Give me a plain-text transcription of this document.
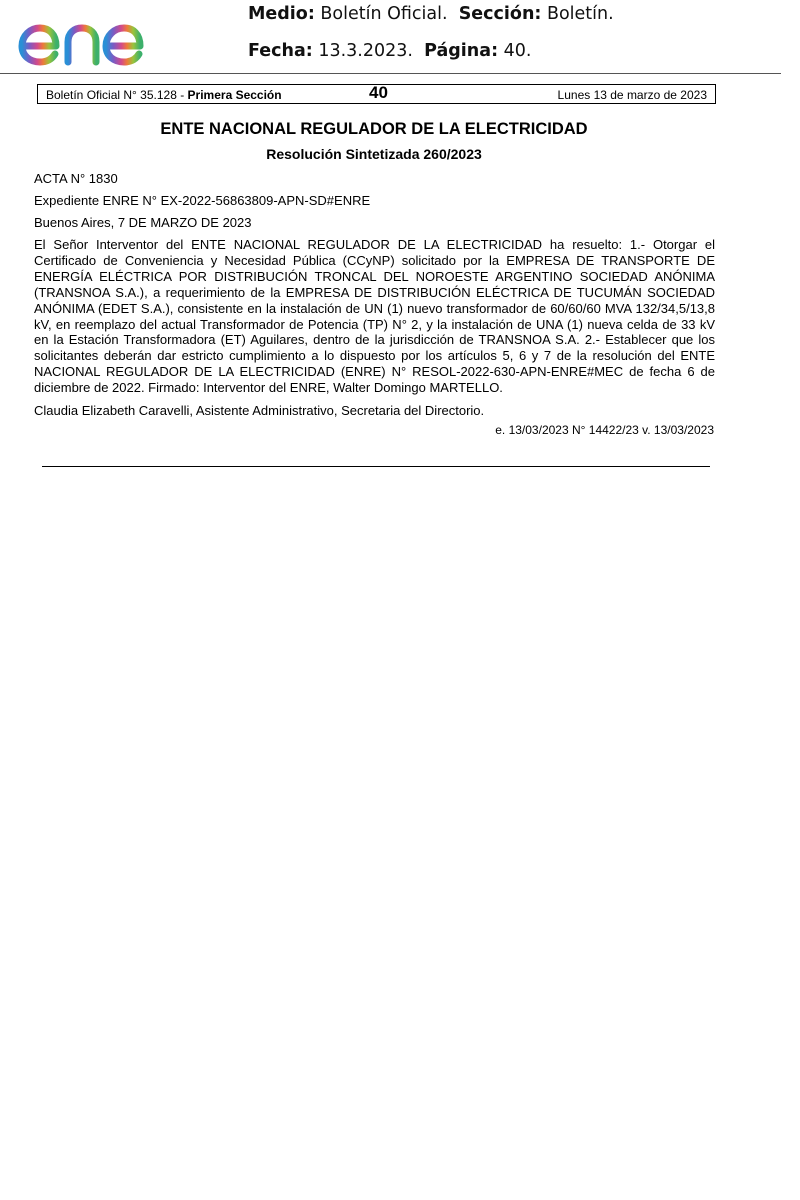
Medio: Boletín Oficial. Sección: Boletín.
Fecha: 13.3.2023. Página: 40.
Boletín Oficial N° 35.128 - Primera Sección	40	Lunes 13 de marzo de 2023
ENTE NACIONAL REGULADOR DE LA ELECTRICIDAD
Resolución Sintetizada 260/2023
ACTA N° 1830
Expediente ENRE N° EX-2022-56863809-APN-SD#ENRE
Buenos Aires, 7 DE MARZO DE 2023
El Señor Interventor del ENTE NACIONAL REGULADOR DE LA ELECTRICIDAD ha resuelto: 1.- Otorgar el
Certificado de Conveniencia y Necesidad Pública (CCyNP) solicitado por la EMPRESA DE TRANSPORTE DE
ENERGÍA ELÉCTRICA POR DISTRIBUCIÓN TRONCAL DEL NOROESTE ARGENTINO SOCIEDAD ANÓNIMA
(TRANSNOA S.A.), a requerimiento de la EMPRESA DE DISTRIBUCIÓN ELÉCTRICA DE TUCUMÁN SOCIEDAD
ANÓNIMA (EDET S.A.), consistente en la instalación de UN (1) nuevo transformador de 60/60/60 MVA 132/34,5/13,8
kV, en reemplazo del actual Transformador de Potencia (TP) N° 2, y la instalación de UNA (1) nueva celda de 33 kV
en la Estación Transformadora (ET) Aguilares, dentro de la jurisdicción de TRANSNOA S.A. 2.- Establecer que los
solicitantes deberán dar estricto cumplimiento a lo dispuesto por los artículos 5, 6 y 7 de la resolución del ENTE
NACIONAL REGULADOR DE LA ELECTRICIDAD (ENRE) N° RESOL-2022-630-APN-ENRE#MEC de fecha 6 de
diciembre de 2022. Firmado: Interventor del ENRE, Walter Domingo MARTELLO.
Claudia Elizabeth Caravelli, Asistente Administrativo, Secretaria del Directorio.
e. 13/03/2023 N° 14422/23 v. 13/03/2023
